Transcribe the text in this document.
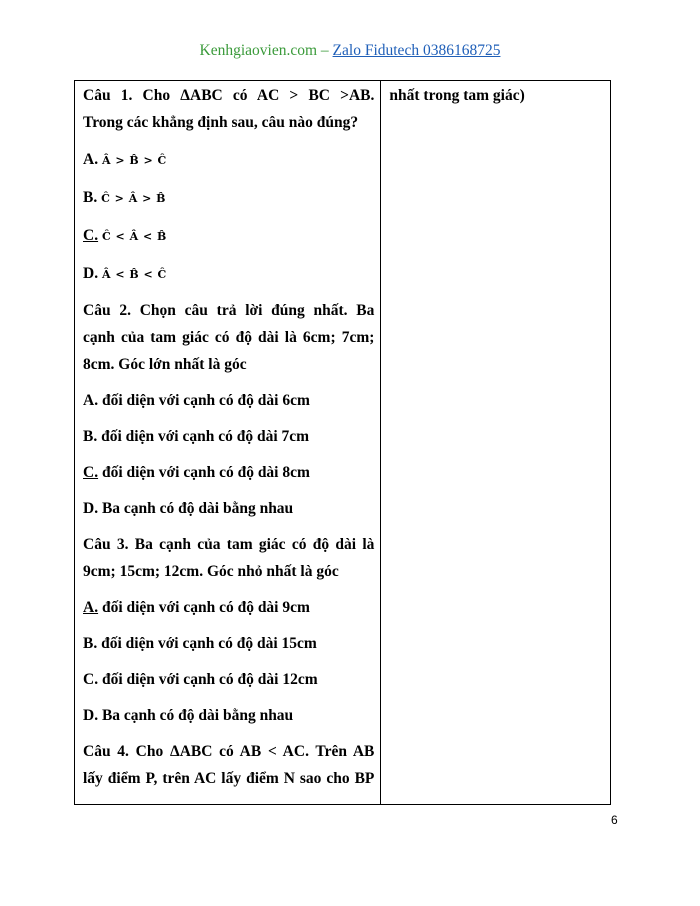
Kenhgiaovien.com – Zalo Fidutech 0386168725
Câu 1. Cho ΔABC có AC > BC >AB.
Trong các khẳng định sau, câu nào đúng?
A. Â > B̂ > Ĉ
B. Ĉ > Â > B̂
C. Ĉ < Â < B̂
D. Â < B̂ < Ĉ
Câu 2. Chọn câu trả lời đúng nhất. Ba
cạnh của tam giác có độ dài là 6cm; 7cm;
8cm. Góc lớn nhất là góc
A. đối diện với cạnh có độ dài 6cm
B. đối diện với cạnh có độ dài 7cm
C. đối diện với cạnh có độ dài 8cm
D. Ba cạnh có độ dài bằng nhau
Câu 3. Ba cạnh của tam giác có độ dài là
9cm; 15cm; 12cm. Góc nhỏ nhất là góc
A. đối diện với cạnh có độ dài 9cm
B. đối diện với cạnh có độ dài 15cm
C. đối diện với cạnh có độ dài 12cm
D. Ba cạnh có độ dài bằng nhau
Câu 4. Cho ΔABC có AB < AC. Trên AB
lấy điểm P, trên AC lấy điểm N sao cho BP

nhất trong tam giác)
6
